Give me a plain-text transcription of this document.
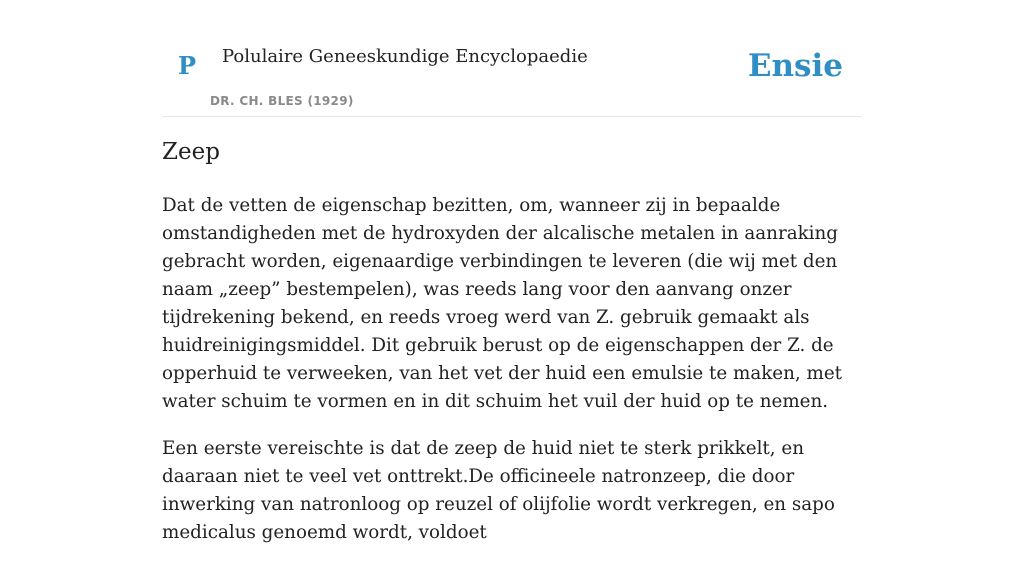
P Polulaire Geneeskundige Encyclopaedie
DR. CH. BLES (1929)
Ensie
Zeep

Dat de vetten de eigenschap bezitten, om, wanneer zij in bepaalde omstandigheden met de hydroxyden der alcalische metalen in aanraking gebracht worden, eigenaardige verbindingen te leveren (die wij met den naam „zeep” bestempelen), was reeds lang voor den aanvang onzer tijdrekening bekend, en reeds vroeg werd van Z. gebruik gemaakt als huidreinigingsmiddel. Dit gebruik berust op de eigenschappen der Z. de opperhuid te verweeken, van het vet der huid een emulsie te maken, met water schuim te vormen en in dit schuim het vuil der huid op te nemen.

Een eerste vereischte is dat de zeep de huid niet te sterk prikkelt, en daaraan niet te veel vet onttrekt.De officineele natronzeep, die door inwerking van natronloog op reuzel of olijfolie wordt verkregen, en sapo medicalus genoemd wordt, voldoet
